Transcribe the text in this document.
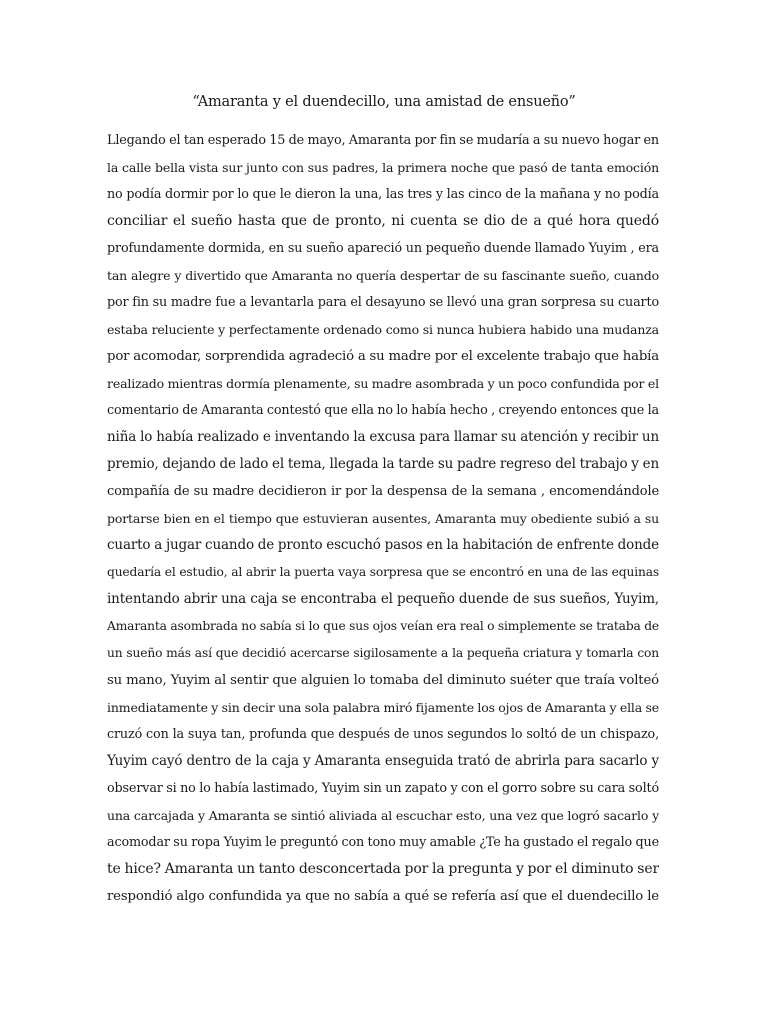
“Amaranta y el duendecillo, una amistad de ensueño”
Llegando el tan esperado 15 de mayo, Amaranta por fin se mudaría a su nuevo hogar en
la calle bella vista sur junto con sus padres, la primera noche que pasó de tanta emoción
no podía dormir por lo que le dieron la una, las tres y las cinco de la mañana y no podía
conciliar el sueño hasta que de pronto, ni cuenta se dio de a qué hora quedó
profundamente dormida, en su sueño apareció un pequeño duende llamado Yuyim , era
tan alegre y divertido que Amaranta no quería despertar de su fascinante sueño, cuando
por fin su madre fue a levantarla para el desayuno se llevó una gran sorpresa su cuarto
estaba reluciente y perfectamente ordenado como si nunca hubiera habido una mudanza
por acomodar, sorprendida agradeció a su madre por el excelente trabajo que había
realizado mientras dormía plenamente, su madre asombrada y un poco confundida por el
comentario de Amaranta contestó que ella no lo había hecho , creyendo entonces que la
niña lo había realizado e inventando la excusa para llamar su atención y recibir un
premio, dejando de lado el tema, llegada la tarde su padre regreso del trabajo y en
compañía de su madre decidieron ir por la despensa de la semana , encomendándole
portarse bien en el tiempo que estuvieran ausentes, Amaranta muy obediente subió a su
cuarto a jugar cuando de pronto escuchó pasos en la habitación de enfrente donde
quedaría el estudio, al abrir la puerta vaya sorpresa que se encontró en una de las equinas
intentando abrir una caja se encontraba el pequeño duende de sus sueños, Yuyim,
Amaranta asombrada no sabía si lo que sus ojos veían era real o simplemente se trataba de
un sueño más así que decidió acercarse sigilosamente a la pequeña criatura y tomarla con
su mano, Yuyim al sentir que alguien lo tomaba del diminuto suéter que traía volteó
inmediatamente y sin decir una sola palabra miró fijamente los ojos de Amaranta y ella se
cruzó con la suya tan, profunda que después de unos segundos lo soltó de un chispazo,
Yuyim cayó dentro de la caja y Amaranta enseguida trató de abrirla para sacarlo y
observar si no lo había lastimado, Yuyim sin un zapato y con el gorro sobre su cara soltó
una carcajada y Amaranta se sintió aliviada al escuchar esto, una vez que logró sacarlo y
acomodar su ropa Yuyim le preguntó con tono muy amable ¿Te ha gustado el regalo que
te hice? Amaranta un tanto desconcertada por la pregunta y por el diminuto ser
respondió algo confundida ya que no sabía a qué se refería así que el duendecillo le
